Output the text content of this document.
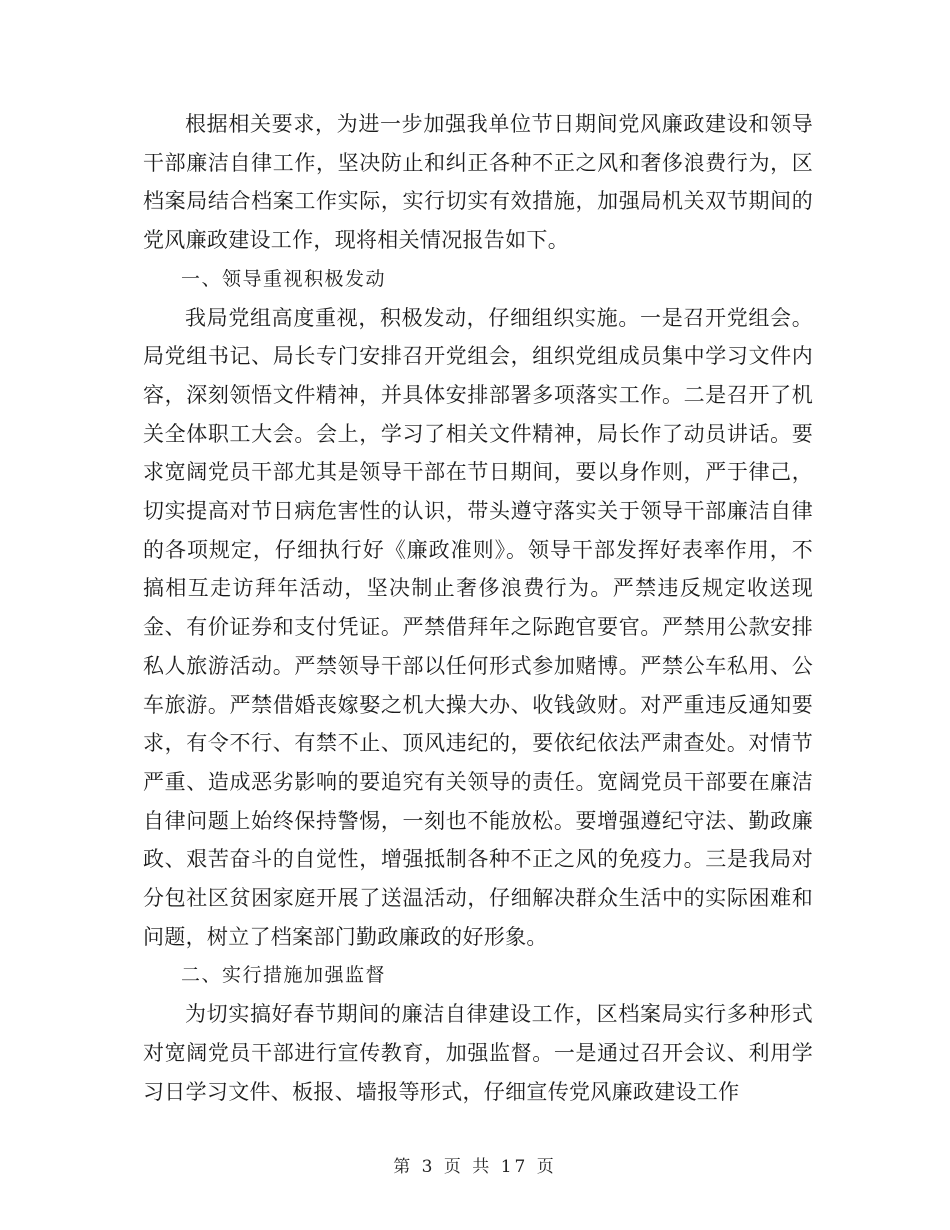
根据相关要求，为进一步加强我单位节日期间党风廉政建设和领导干部廉洁自律工作，坚决防止和纠正各种不正之风和奢侈浪费行为，区档案局结合档案工作实际，实行切实有效措施，加强局机关双节期间的党风廉政建设工作，现将相关情况报告如下。

一、领导重视积极发动

我局党组高度重视，积极发动，仔细组织实施。一是召开党组会。局党组书记、局长专门安排召开党组会，组织党组成员集中学习文件内容，深刻领悟文件精神，并具体安排部署多项落实工作。二是召开了机关全体职工大会。会上，学习了相关文件精神，局长作了动员讲话。要求宽阔党员干部尤其是领导干部在节日期间，要以身作则，严于律己，切实提高对节日病危害性的认识，带头遵守落实关于领导干部廉洁自律的各项规定，仔细执行好《廉政准则》。领导干部发挥好表率作用，不搞相互走访拜年活动，坚决制止奢侈浪费行为。严禁违反规定收送现金、有价证券和支付凭证。严禁借拜年之际跑官要官。严禁用公款安排私人旅游活动。严禁领导干部以任何形式参加赌博。严禁公车私用、公车旅游。严禁借婚丧嫁娶之机大操大办、收钱敛财。对严重违反通知要求，有令不行、有禁不止、顶风违纪的，要依纪依法严肃查处。对情节严重、造成恶劣影响的要追究有关领导的责任。宽阔党员干部要在廉洁自律问题上始终保持警惕，一刻也不能放松。要增强遵纪守法、勤政廉政、艰苦奋斗的自觉性，增强抵制各种不正之风的免疫力。三是我局对分包社区贫困家庭开展了送温活动，仔细解决群众生活中的实际困难和问题，树立了档案部门勤政廉政的好形象。

二、实行措施加强监督

为切实搞好春节期间的廉洁自律建设工作，区档案局实行多种形式对宽阔党员干部进行宣传教育，加强监督。一是通过召开会议、利用学习日学习文件、板报、墙报等形式，仔细宣传党风廉政建设工作

第 3 页 共 17 页
